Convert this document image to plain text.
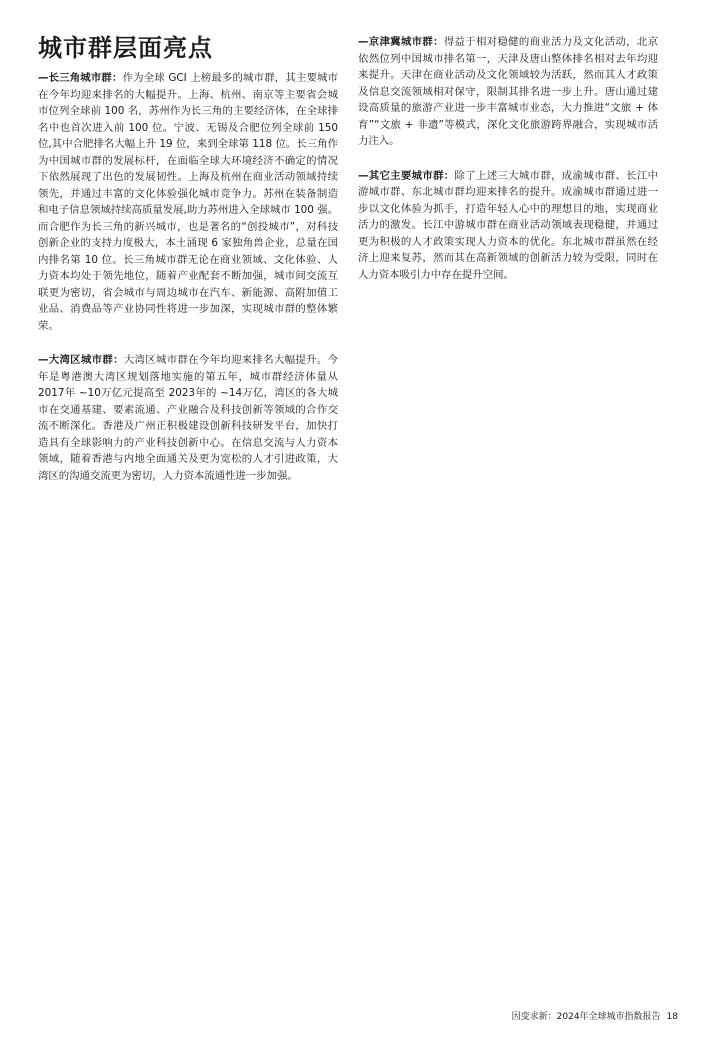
城市群层面亮点

—长三角城市群：作为全球 GCI 上榜最多的城市群，其主要城市在今年均迎来排名的大幅提升。上海、杭州、南京等主要省会城市位列全球前 100 名，苏州作为长三角的主要经济体，在全球排名中也首次进入前 100 位。宁波、无锡及合肥位列全球前 150 位,其中合肥排名大幅上升 19 位，来到全球第 118 位。长三角作为中国城市群的发展标杆，在面临全球大环境经济不确定的情况下依然展现了出色的发展韧性。上海及杭州在商业活动领域持续领先，并通过丰富的文化体验强化城市竞争力。苏州在装备制造和电子信息领域持续高质量发展,助力苏州进入全球城市 100 强。而合肥作为长三角的新兴城市，也是著名的“创投城市”，对科技创新企业的支持力度极大，本土涌现 6 家独角兽企业，总量在国内排名第 10 位。长三角城市群无论在商业领域、文化体验、人力资本均处于领先地位，随着产业配套不断加强，城市间交流互联更为密切，省会城市与周边城市在汽车、新能源、高附加值工业品、消费品等产业协同性将进一步加深，实现城市群的整体繁荣。

—大湾区城市群：大湾区城市群在今年均迎来排名大幅提升。今年是粤港澳大湾区规划落地实施的第五年，城市群经济体量从2017年 ~10万亿元提高至 2023年的 ~14万亿，湾区的各大城市在交通基建、要素流通、产业融合及科技创新等领域的合作交流不断深化。香港及广州正积极建设创新科技研发平台，加快打造具有全球影响力的产业科技创新中心。在信息交流与人力资本领域，随着香港与内地全面通关及更为宽松的人才引进政策，大湾区的沟通交流更为密切，人力资本流通性进一步加强。

—京津冀城市群：得益于相对稳健的商业活力及文化活动，北京依然位列中国城市排名第一，天津及唐山整体排名相对去年均迎来提升。天津在商业活动及文化领域较为活跃，然而其人才政策及信息交流领域相对保守，限制其排名进一步上升。唐山通过建设高质量的旅游产业进一步丰富城市业态，大力推进“文旅 + 体育”“文旅 + 非遗”等模式，深化文化旅游跨界融合，实现城市活力注入。

—其它主要城市群：除了上述三大城市群，成渝城市群、长江中游城市群、东北城市群均迎来排名的提升。成渝城市群通过进一步以文化体验为抓手，打造年轻人心中的理想目的地，实现商业活力的激发。长江中游城市群在商业活动领域表现稳健，并通过更为积极的人才政策实现人力资本的优化。东北城市群虽然在经济上迎来复苏，然而其在高新领域的创新活力较为受限，同时在人力资本吸引力中存在提升空间。

因变求新：2024年全球城市指数报告 18
